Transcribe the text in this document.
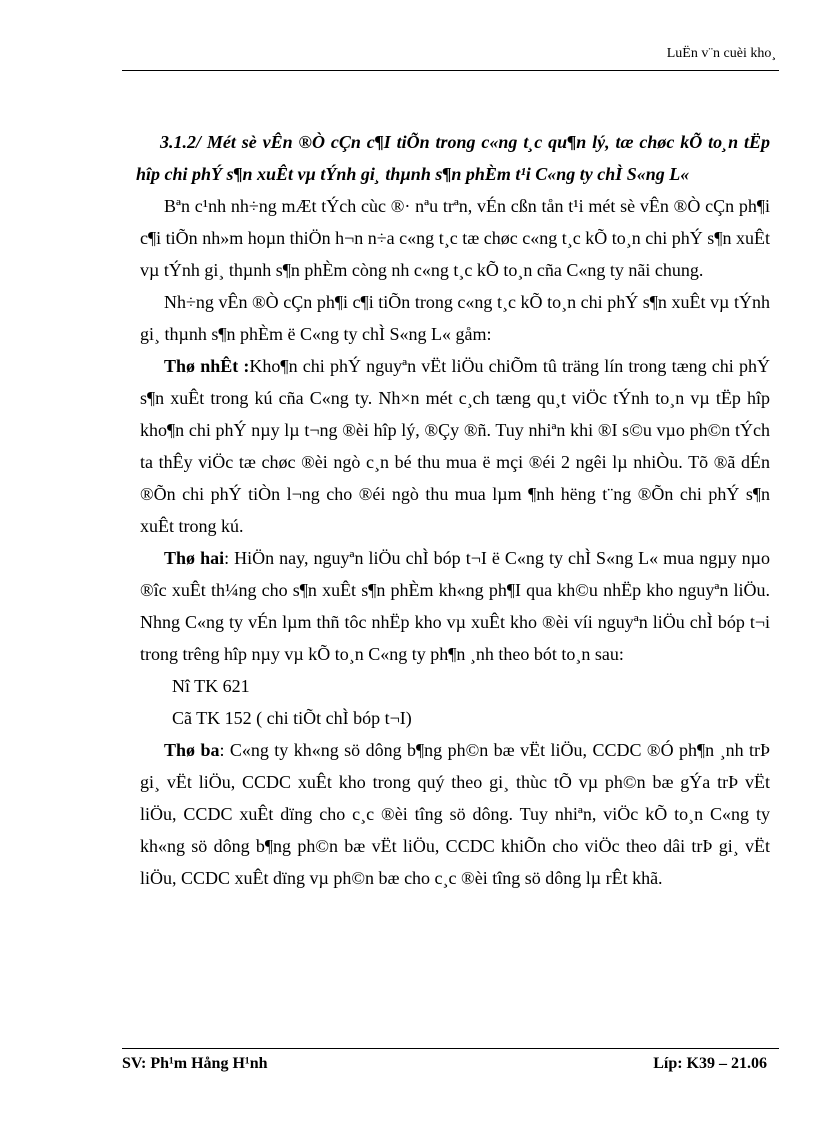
LuËn v¨n cuèi kho¸

3.1.2/ Mét sè vÊn ®Ò cÇn c¶I tiÕn trong c«ng t¸c qu¶n lý, tæ chøc kÕ to¸n tËp hîp chi phÝ s¶n xuÊt vµ tÝnh gi¸ thµnh s¶n phÈm t¹i C«ng ty chÌ S«ng L«

Bªn c¹nh nh÷ng mÆt tÝch cùc ®· nªu trªn, vÉn cßn tån t¹i mét sè vÊn ®Ò cÇn ph¶i c¶i tiÕn nh»m hoµn thiÖn h¬n n÷a c«ng t¸c tæ chøc c«ng t¸c kÕ to¸n chi phÝ s¶n xuÊt vµ tÝnh gi¸ thµnh s¶n phÈm còng nh c«ng t¸c kÕ to¸n cña C«ng ty nãi chung.

Nh÷ng vÊn ®Ò cÇn ph¶i c¶i tiÕn trong c«ng t¸c kÕ to¸n chi phÝ s¶n xuÊt vµ tÝnh gi¸ thµnh s¶n phÈm ë C«ng ty chÌ S«ng L« gåm:

Thø nhÊt :Kho¶n chi phÝ nguyªn vËt liÖu chiÕm tû träng lín trong tæng chi phÝ s¶n xuÊt trong kú cña C«ng ty. Nh×n mét c¸ch tæng qu¸t viÖc tÝnh to¸n vµ tËp hîp kho¶n chi phÝ nµy lµ t¬ng ®èi hîp lý, ®Çy ®ñ. Tuy nhiªn khi ®I s©u vµo ph©n tÝch ta thÊy viÖc tæ chøc ®èi ngò c¸n bé thu mua ë mçi ®éi 2 ngêi lµ nhiÒu. Tõ ®ã dÉn ®Õn chi phÝ tiÒn l¬ng cho ®éi ngò thu mua lµm ¶nh hëng t¨ng ®Õn chi phÝ s¶n xuÊt trong kú.

Thø hai: HiÖn nay, nguyªn liÖu chÌ bóp t¬I ë C«ng ty chÌ S«ng L« mua ngµy nµo ®îc xuÊt th¼ng cho s¶n xuÊt s¶n phÈm kh«ng ph¶I qua kh©u nhËp kho nguyªn liÖu. Nhng C«ng ty vÉn lµm thñ tôc nhËp kho vµ xuÊt kho ®èi víi nguyªn liÖu chÌ bóp t¬i trong trêng hîp nµy vµ kÕ to¸n C«ng ty ph¶n ¸nh theo bót to¸n sau:

Nî TK 621

Cã TK 152 ( chi tiÕt chÌ bóp t¬I)

Thø ba: C«ng ty kh«ng sö dông b¶ng ph©n bæ vËt liÖu, CCDC ®Ó ph¶n ¸nh trÞ gi¸ vËt liÖu, CCDC xuÊt kho trong quý theo gi¸ thùc tÕ vµ ph©n bæ gÝa trÞ vËt liÖu, CCDC xuÊt dïng cho c¸c ®èi tîng sö dông. Tuy nhiªn, viÖc kÕ to¸n C«ng ty kh«ng sö dông b¶ng ph©n bæ vËt liÖu, CCDC khiÕn cho viÖc theo dâi trÞ gi¸ vËt liÖu, CCDC xuÊt dïng vµ ph©n bæ cho c¸c ®èi tîng sö dông lµ rÊt khã.

SV: Ph¹m Hång H¹nh	Líp: K39 – 21.06
